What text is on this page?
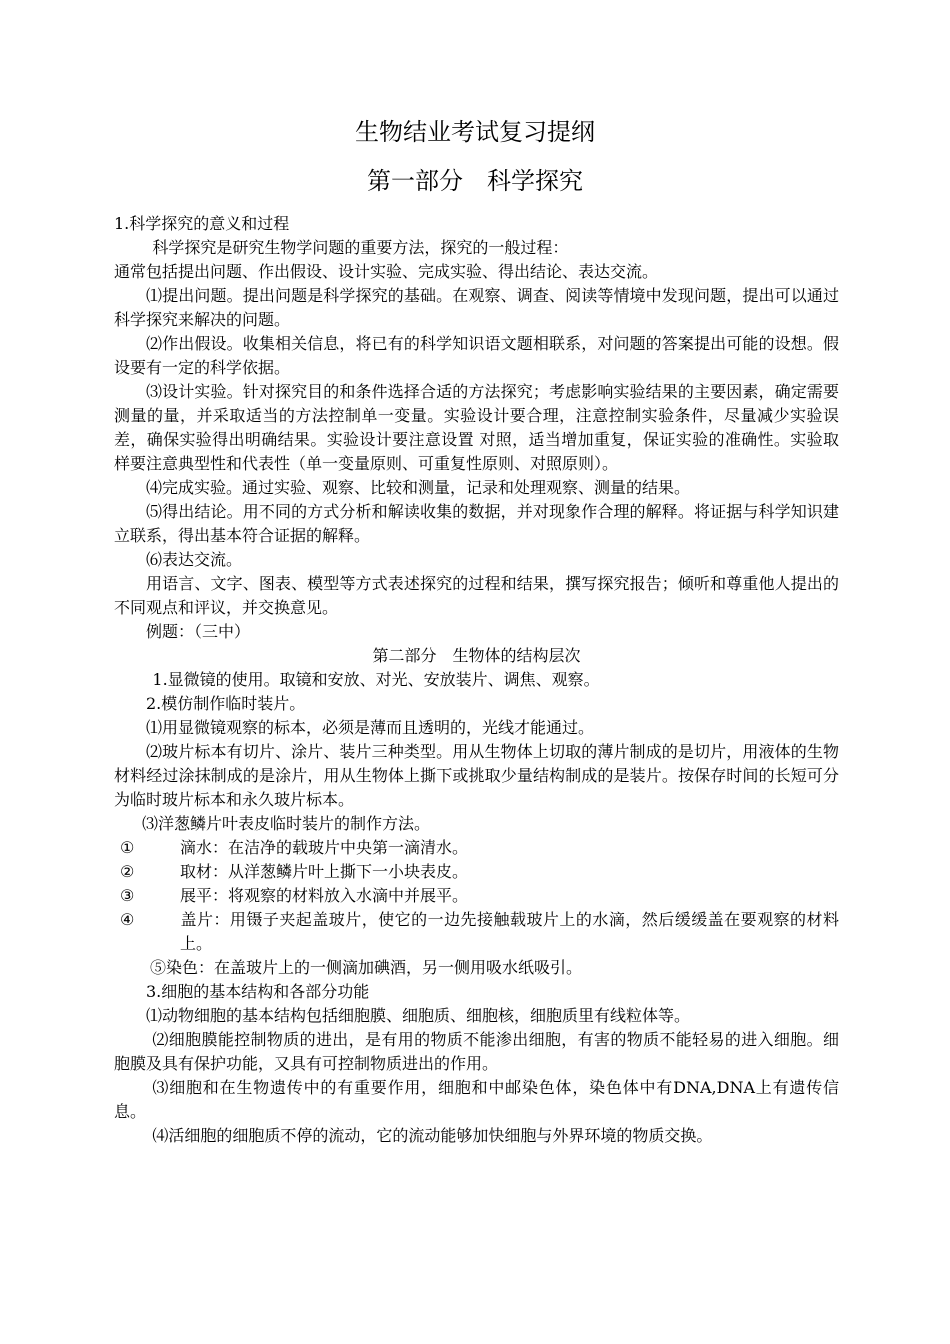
生物结业考试复习提纲
第一部分　科学探究

1.科学探究的意义和过程

科学探究是研究生物学问题的重要方法，探究的一般过程：

通常包括提出问题、作出假设、设计实验、完成实验、得出结论、表达交流。

⑴提出问题。提出问题是科学探究的基础。在观察、调查、阅读等情境中发现问题，提出可以通过科学探究来解决的问题。

⑵作出假设。收集相关信息，将已有的科学知识语文题相联系，对问题的答案提出可能的设想。假设要有一定的科学依据。

⑶设计实验。针对探究目的和条件选择合适的方法探究；考虑影响实验结果的主要因素，确定需要测量的量，并采取适当的方法控制单一变量。实验设计要合理，注意控制实验条件，尽量减少实验误差，确保实验得出明确结果。实验设计要注意设置 对照，适当增加重复，保证实验的准确性。实验取样要注意典型性和代表性（单一变量原则、可重复性原则、对照原则）。

⑷完成实验。通过实验、观察、比较和测量，记录和处理观察、测量的结果。

⑸得出结论。用不同的方式分析和解读收集的数据，并对现象作合理的解释。将证据与科学知识建立联系，得出基本符合证据的解释。

⑹表达交流。

用语言、文字、图表、模型等方式表述探究的过程和结果，撰写探究报告；倾听和尊重他人提出的不同观点和评议，并交换意见。

例题：（三中）

第二部分　生物体的结构层次

1.显微镜的使用。取镜和安放、对光、安放装片、调焦、观察。

2.模仿制作临时装片。

⑴用显微镜观察的标本，必须是薄而且透明的，光线才能通过。

⑵玻片标本有切片、涂片、装片三种类型。用从生物体上切取的薄片制成的是切片，用液体的生物材料经过涂抹制成的是涂片，用从生物体上撕下或挑取少量结构制成的是装片。按保存时间的长短可分为临时玻片标本和永久玻片标本。

⑶洋葱鳞片叶表皮临时装片的制作方法。

①	滴水：在洁净的载玻片中央第一滴清水。

②	取材：从洋葱鳞片叶上撕下一小块表皮。

③	展平：将观察的材料放入水滴中并展平。

④	盖片：用镊子夹起盖玻片，使它的一边先接触载玻片上的水滴，然后缓缓盖在要观察的材料上。

⑤染色：在盖玻片上的一侧滴加碘酒，另一侧用吸水纸吸引。

3.细胞的基本结构和各部分功能

⑴动物细胞的基本结构包括细胞膜、细胞质、细胞核，细胞质里有线粒体等。

⑵细胞膜能控制物质的进出，是有用的物质不能渗出细胞，有害的物质不能轻易的进入细胞。细胞膜及具有保护功能，又具有可控制物质进出的作用。

⑶细胞和在生物遗传中的有重要作用，细胞和中邮染色体，染色体中有DNA,DNA上有遗传信息。

⑷活细胞的细胞质不停的流动，它的流动能够加快细胞与外界环境的物质交换。
